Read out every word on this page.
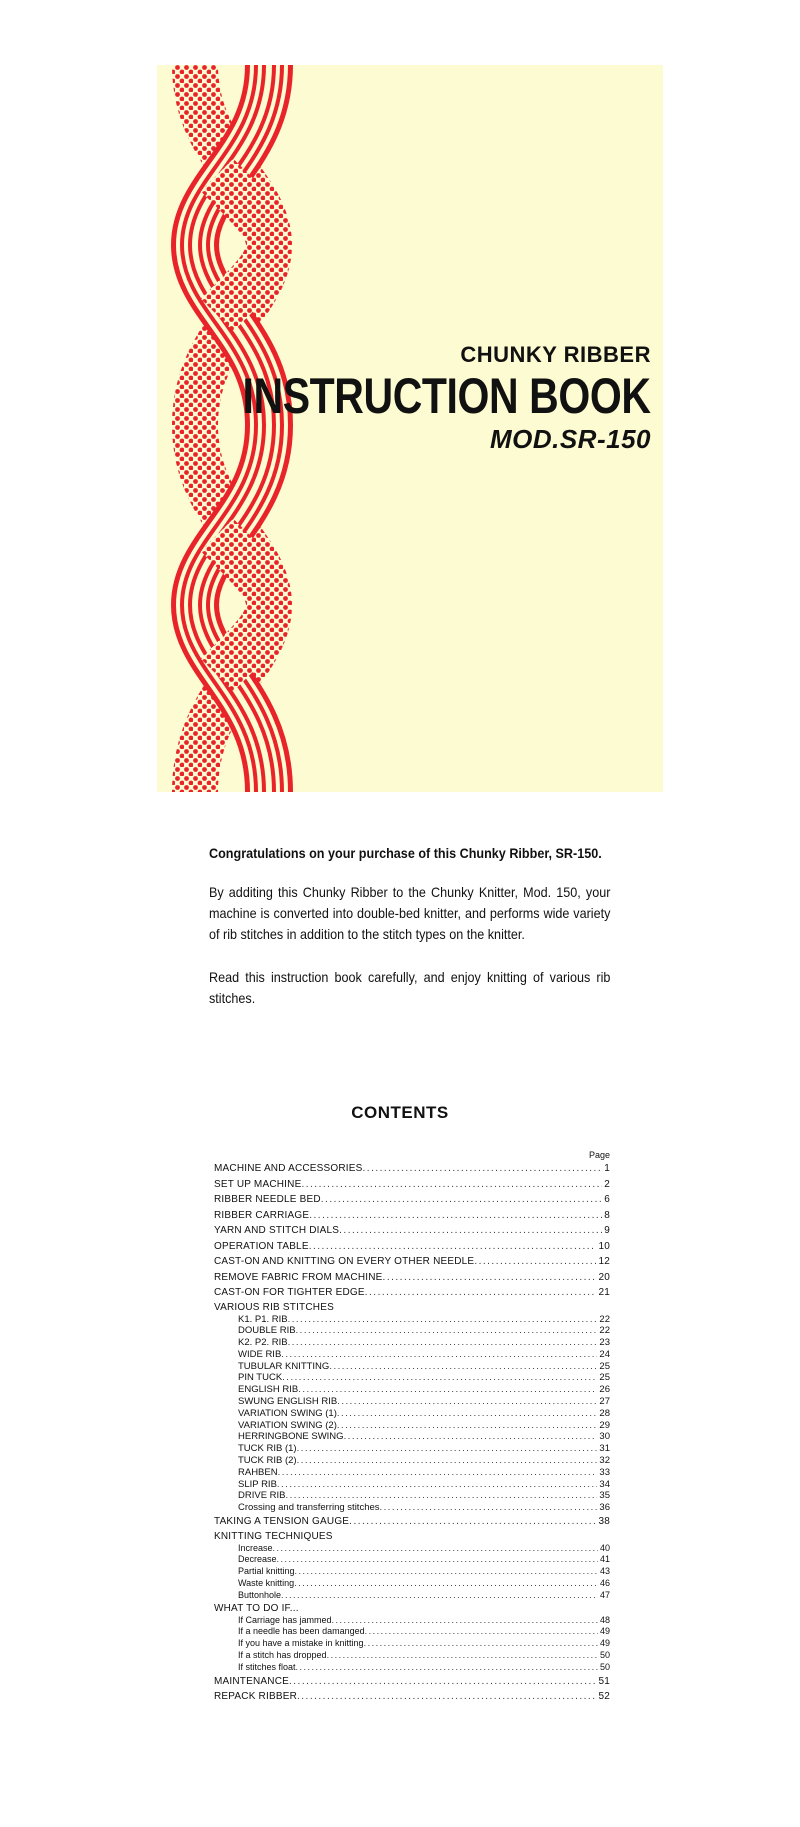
CHUNKY RIBBER
INSTRUCTION BOOK
MOD.SR-150

Congratulations on your purchase of this Chunky Ribber, SR-150.

By additing this Chunky Ribber to the Chunky Knitter, Mod. 150, your machine is converted into double-bed knitter, and performs wide variety of rib stitches in addition to the stitch types on the knitter.

Read this instruction book carefully, and enjoy knitting of various rib stitches.

CONTENTS
Page
MACHINE AND ACCESSORIES .....	1
SET UP MACHINE .....	2
RIBBER NEEDLE BED .....	6
RIBBER CARRIAGE .....	8
YARN AND STITCH DIALS .....	9
OPERATION TABLE .....	10
CAST-ON AND KNITTING ON EVERY OTHER NEEDLE .....	12
REMOVE FABRIC FROM MACHINE .....	20
CAST-ON FOR TIGHTER EDGE .....	21
VARIOUS RIB STITCHES
K1. P1. RIB .....	22
DOUBLE RIB .....	22
K2. P2. RIB .....	23
WIDE RIB .....	24
TUBULAR KNITTING .....	25
PIN TUCK .....	25
ENGLISH RIB .....	26
SWUNG ENGLISH RIB .....	27
VARIATION SWING (1) .....	28
VARIATION SWING (2) .....	29
HERRINGBONE SWING .....	30
TUCK RIB (1) .....	31
TUCK RIB (2) .....	32
RAHBEN .....	33
SLIP RIB .....	34
DRIVE RIB .....	35
Crossing and transferring stitches .....	36
TAKING A TENSION GAUGE .....	38
KNITTING TECHNIQUES
Increase .....	40
Decrease .....	41
Partial knitting .....	43
Waste knitting .....	46
Buttonhole .....	47
WHAT TO DO IF...
If Carriage has jammed .....	48
If a needle has been damanged .....	49
If you have a mistake in knitting .....	49
If a stitch has dropped .....	50
If stitches float .....	50
MAINTENANCE .....	51
REPACK RIBBER .....	52
